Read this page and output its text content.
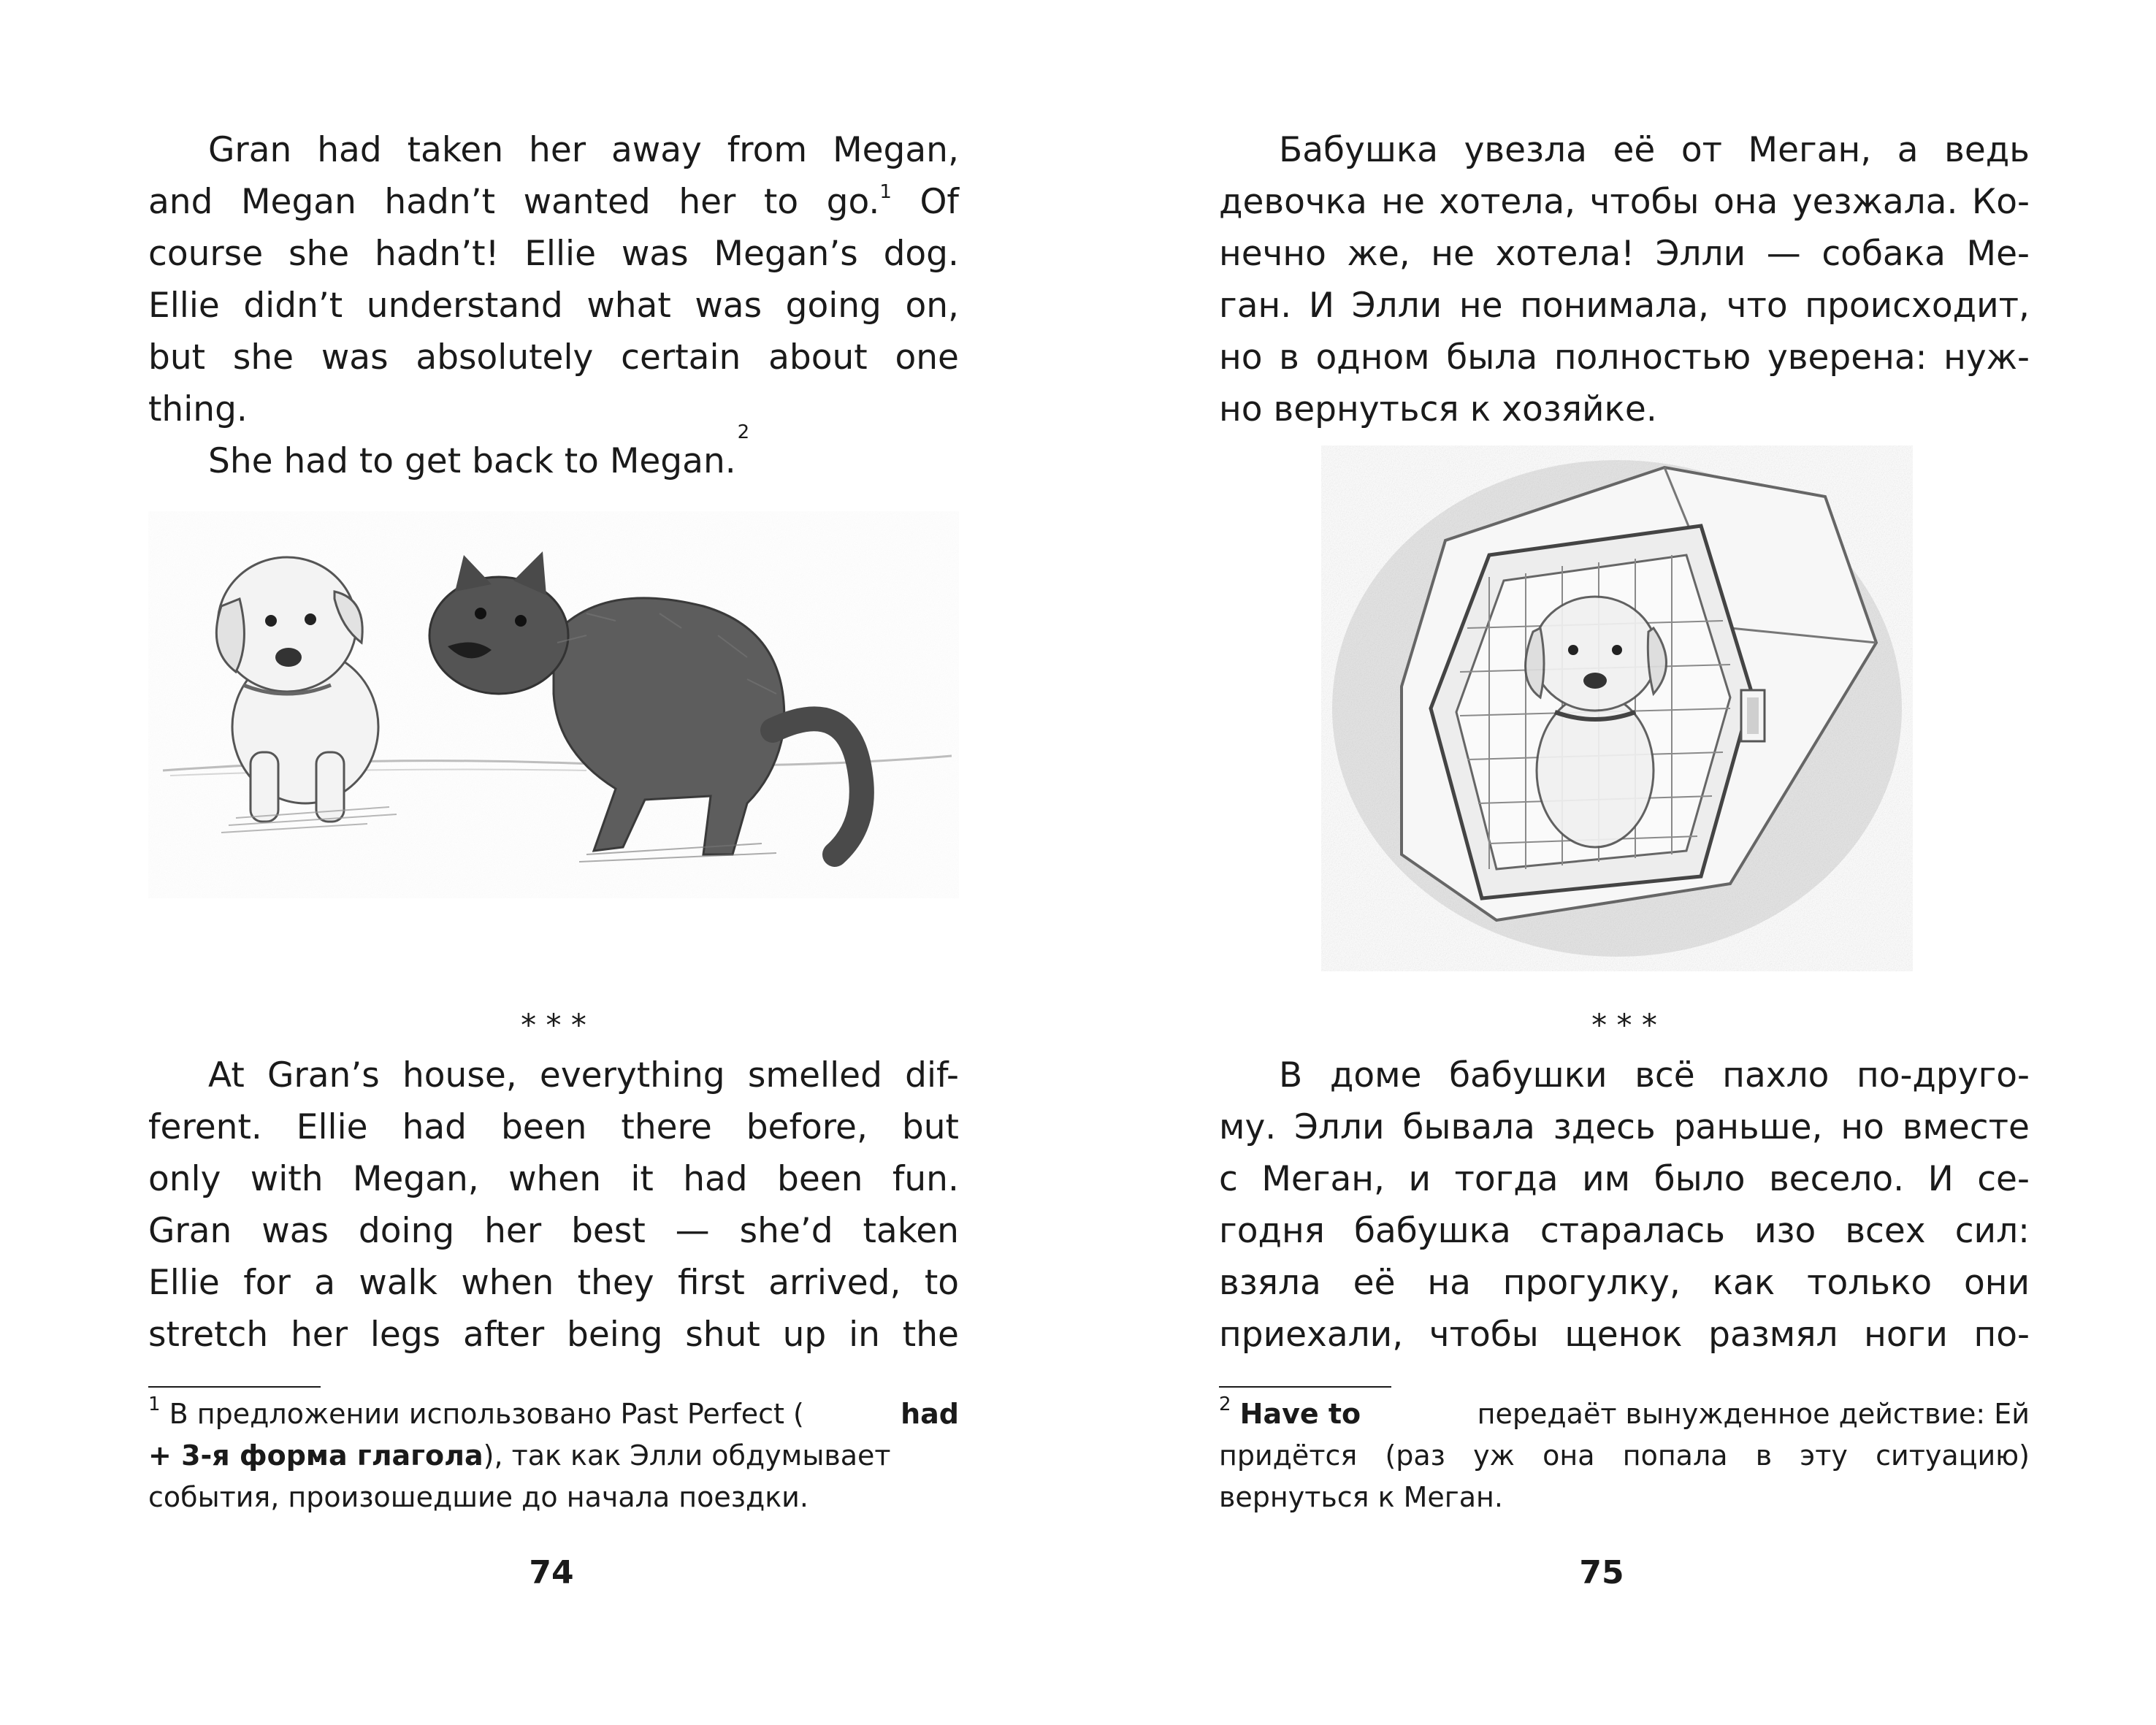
Gran had taken her away from Megan,
and Megan hadn’t wanted her to go.$^1$ Of
course she hadn’t! Ellie was Megan’s dog.
Ellie didn’t understand what was going on,
but she was absolutely certain about one
thing.
She had to get back to Megan.
$^2$
* * *
At Gran’s house, everything smelled dif-
ferent. Ellie had been there before, but
only with Megan, when it had been fun.
Gran was doing her best — she’d taken
Ellie for a walk when they first arrived, to
stretch her legs after being shut up in the
$^1$ В предложении использовано Past Perfect (	had
+ 3-я форма глагола ), так как Элли обдумывает
события, произошедшие до начала поездки.
74
Бабушка увезла её от Меган, а ведь
девочка не хотела, чтобы она уезжала. Ко-
нечно же, не хотела! Элли — собака Ме-
ган. И Элли не понимала, что происходит,
но в одном была полностью уверена: нуж-
но вернуться к хозяйке.
* * *
В доме бабушки всё пахло по-друго-
му. Элли бывала здесь раньше, но вместе
с Меган, и тогда им было весело. И се-
годня бабушка старалась изо всех сил:
взяла её на прогулку, как только они
приехали, чтобы щенок размял ноги по-
$^2$ Have to	передаёт вынужденное действие: Ей
придётся (раз уж она попала в эту ситуацию)
вернуться к Меган.
75
